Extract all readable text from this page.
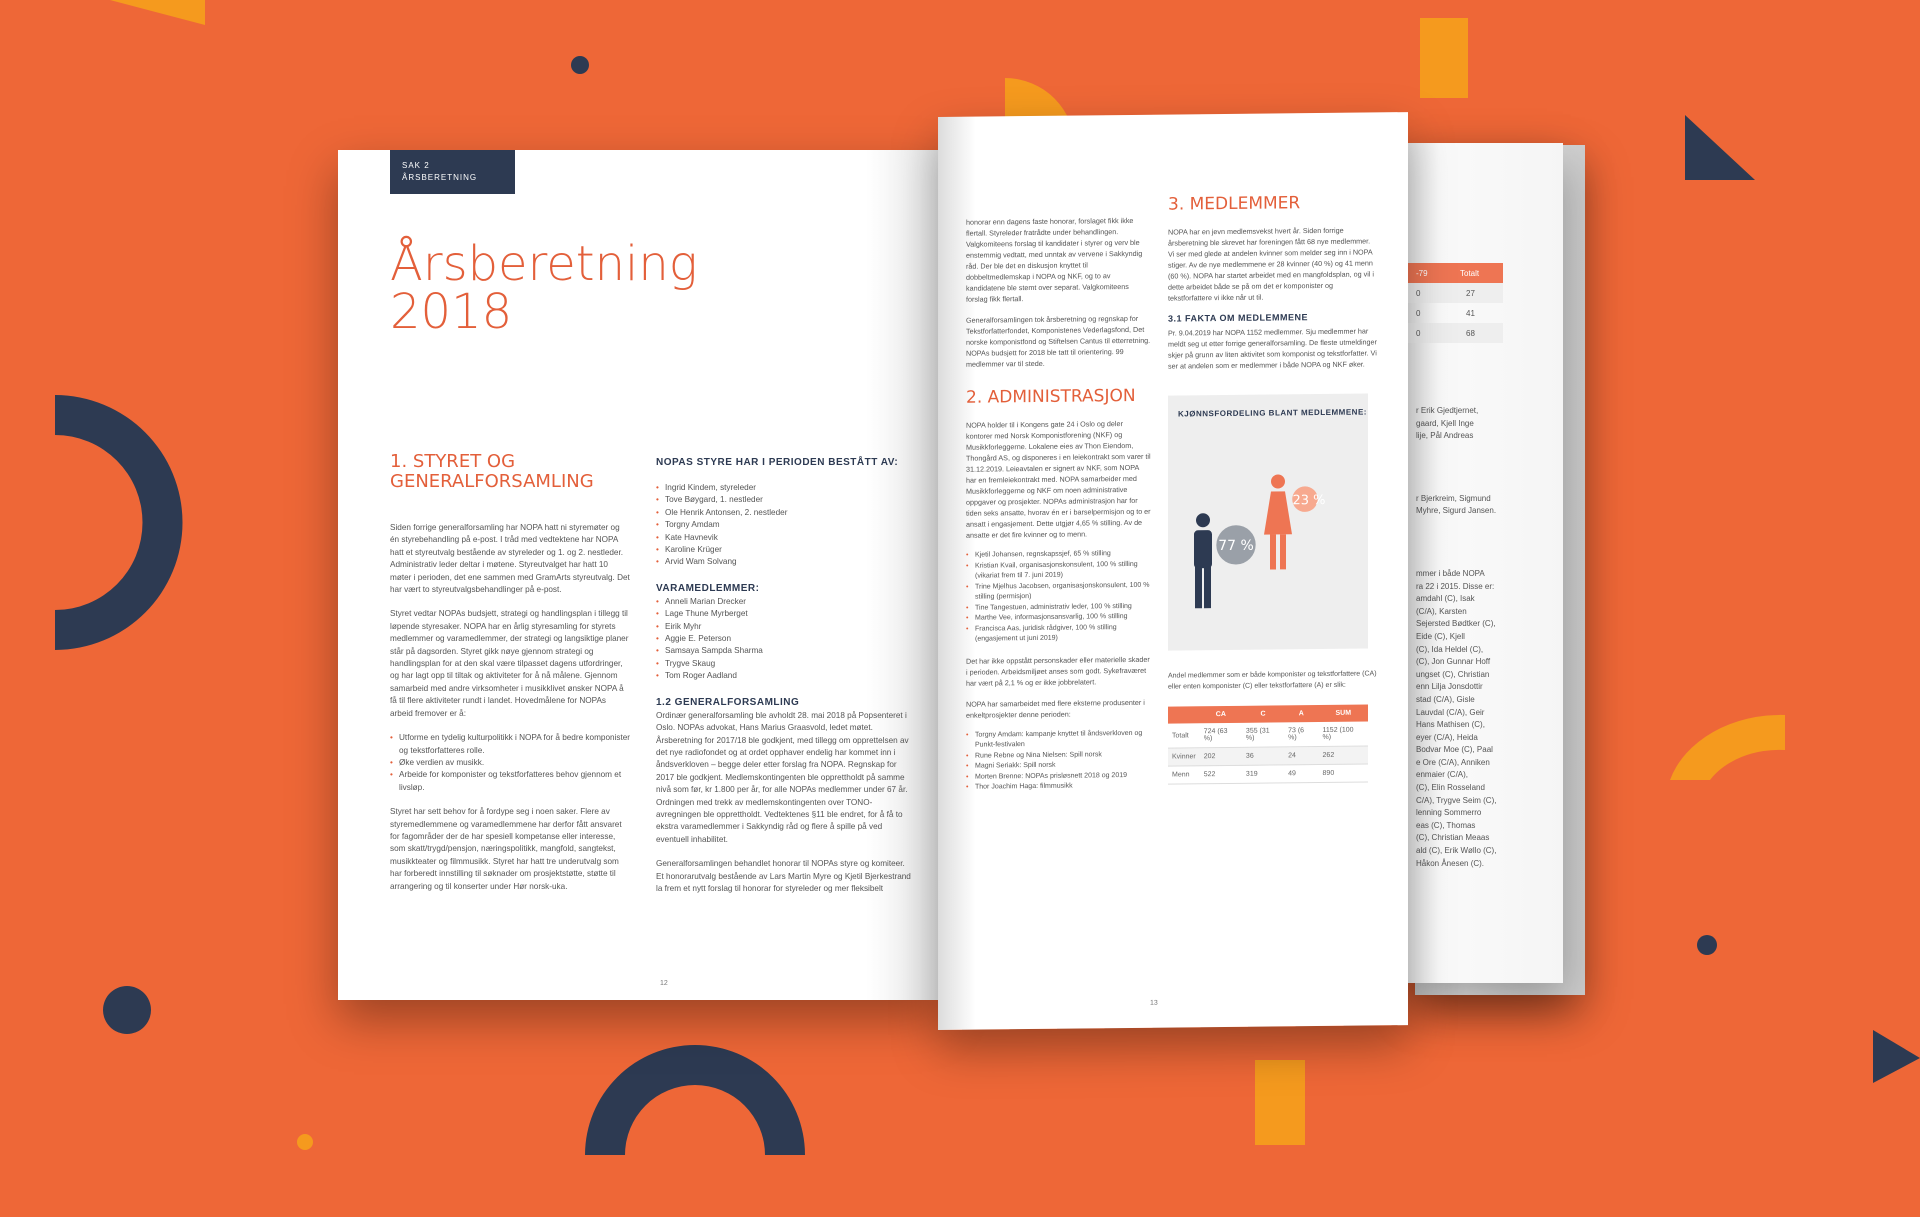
-79	Totalt
0	27
0	41
0	68
r Erik Gjedtjernet,
gaard, Kjell Inge
lije, Pål Andreas
r Bjerkreim, Sigmund
Myhre, Sigurd Jansen.
mmer i både NOPA
ra 22 i 2015. Disse er:
amdahl (C), Isak
(C/A), Karsten
Sejersted Bødtker (C),
Eide (C), Kjell
(C), Ida Heldel (C),
(C), Jon Gunnar Hoff
ungset (C), Christian
enn Lilja Jonsdottir
stad (C/A), Gisle
Lauvdal (C/A), Geir
Hans Mathisen (C),
eyer (C/A), Heida
Bodvar Moe (C), Paal
e Ore (C/A), Anniken
enmaier (C/A),
(C), Elin Rosseland
C/A), Trygve Seim (C),
lenning Sommerro
eas (C), Thomas
(C), Christian Meaas
ald (C), Erik Wøllo (C),
Håkon Ånesen (C).
SAK 2
ÅRSBERETNING
Årsberetning
2018
1. STYRET OG
GENERALFORSAMLING

Siden forrige generalforsamling har NOPA hatt ni styremøter og én styrebehandling på e-post. I tråd med vedtektene har NOPA hatt et styreutvalg bestående av styreleder og 1. og 2. nestleder. Administrativ leder deltar i møtene. Styreutvalget har hatt 10 møter i perioden, det ene sammen med GramArts styreutvalg. Det har vært to styreutvalgsbehandlinger på e-post.

Styret vedtar NOPAs budsjett, strategi og handlingsplan i tillegg til løpende styresaker. NOPA har en årlig styresamling for styrets medlemmer og varamedlemmer, der strategi og langsiktige planer står på dagsorden. Styret gikk nøye gjennom strategi og handlingsplan for at den skal være tilpasset dagens utfordringer, og har lagt opp til tiltak og aktiviteter for å nå målene. Gjennom samarbeid med andre virksomheter i musikklivet ønsker NOPA å få til flere aktiviteter rundt i landet. Hovedmålene for NOPAs arbeid fremover er å:

• Utforme en tydelig kulturpolitikk i NOPA for å bedre komponister og tekstforfatteres rolle.
• Øke verdien av musikk.
• Arbeide for komponister og tekstforfatteres behov gjennom et livsløp.

Styret har sett behov for å fordype seg i noen saker. Flere av styremedlemmene og varamedlemmene har derfor fått ansvaret for fagområder der de har spesiell kompetanse eller interesse, som skatt/trygd/pensjon, næringspolitikk, mangfold, sangtekst, musikkteater og filmmusikk. Styret har hatt tre underutvalg som har forberedt innstilling til søknader om prosjektstøtte, støtte til arrangering og til konserter under Hør norsk-uka.

NOPAS STYRE HAR I PERIODEN BESTÅTT AV:
• Ingrid Kindem, styreleder
• Tove Bøygard, 1. nestleder
• Ole Henrik Antonsen, 2. nestleder
• Torgny Amdam
• Kate Havnevik
• Karoline Krüger
• Arvid Wam Solvang
VARAMEDLEMMER:
• Anneli Marian Drecker
• Lage Thune Myrberget
• Eirik Myhr
• Aggie E. Peterson
• Samsaya Sampda Sharma
• Trygve Skaug
• Tom Roger Aadland
1.2 GENERALFORSAMLING

Ordinær generalforsamling ble avholdt 28. mai 2018 på Popsenteret i Oslo. NOPAs advokat, Hans Marius Graasvold, ledet møtet. Årsberetning for 2017/18 ble godkjent, med tillegg om opprettelsen av det nye radiofondet og at ordet opphaver endelig har kommet inn i åndsverkloven – begge deler etter forslag fra NOPA. Regnskap for 2017 ble godkjent. Medlemskontingenten ble opprettholdt på samme nivå som før, kr 1.800 per år, for alle NOPAs medlemmer under 67 år. Ordningen med trekk av medlemskontingenten over TONO-avregningen ble opprettholdt. Vedtektenes §11 ble endret, for å få to ekstra varamedlemmer i Sakkyndig råd og flere å spille på ved eventuell inhabilitet.

Generalforsamlingen behandlet honorar til NOPAs styre og komiteer. Et honorarutvalg bestående av Lars Martin Myre og Kjetil Bjerkestrand la frem et nytt forslag til honorar for styreleder og mer fleksibelt

12

honorar enn dagens faste honorar, forslaget fikk ikke flertall. Styreleder fratrådte under behandlingen. Valgkomiteens forslag til kandidater i styrer og verv ble enstemmig vedtatt, med unntak av vervene i Sakkyndig råd. Der ble det en diskusjon knyttet til dobbeltmedlemskap i NOPA og NKF, og to av kandidatene ble stemt over separat. Valgkomiteens forslag fikk flertall.

Generalforsamlingen tok årsberetning og regnskap for Tekstforfatterfondet, Komponistenes Vederlagsfond, Det norske komponistfond og Stiftelsen Cantus til etterretning. NOPAs budsjett for 2018 ble tatt til orientering. 99 medlemmer var til stede.

2. ADMINISTRASJON

NOPA holder til i Kongens gate 24 i Oslo og deler kontorer med Norsk Komponistforening (NKF) og Musikkforleggerne. Lokalene eies av Thon Eiendom, Thongård AS, og disponeres i en leiekontrakt som varer til 31.12.2019. Leieavtalen er signert av NKF, som NOPA har en fremleiekontrakt med. NOPA samarbeider med Musikkforleggerne og NKF om noen administrative oppgaver og prosjekter. NOPAs administrasjon har for tiden seks ansatte, hvorav én er i barselpermisjon og to er ansatt i engasjement. Dette utgjør 4,65 % stilling. Av de ansatte er det fire kvinner og to menn.

• Kjetil Johansen, regnskapssjef, 65 % stilling
• Kristian Kvail, organisasjonskonsulent, 100 % stilling (vikariat frem til 7. juni 2019)
• Trine Mjelhus Jacobsen, organisasjonskonsulent, 100 % stilling (permisjon)
• Tine Tangestuen, administrativ leder, 100 % stilling
• Marthe Vee, informasjonsansvarlig, 100 % stilling
• Francisca Aas, juridisk rådgiver, 100 % stilling (engasjement ut juni 2019)

Det har ikke oppstått personskader eller materielle skader i perioden. Arbeidsmiljøet anses som godt. Sykefraværet har vært på 2,1 % og er ikke jobbrelatert.

NOPA har samarbeidet med flere eksterne produsenter i enkeltprosjekter denne perioden:

• Torgny Amdam: kampanje knyttet til åndsverkloven og Punkt-festivalen
• Rune Rebne og Nina Nielsen: Spill norsk
• Magni Seriakk: Spill norsk
• Morten Brenne: NOPAs prisløsnett 2018 og 2019
• Thor Joachim Haga: filmmusikk
3. MEDLEMMER

NOPA har en jevn medlemsvekst hvert år. Siden forrige årsberetning ble skrevet har foreningen fått 68 nye medlemmer. Vi ser med glede at andelen kvinner som melder seg inn i NOPA stiger. Av de nye medlemmene er 28 kvinner (40 %) og 41 menn (60 %). NOPA har startet arbeidet med en mangfoldsplan, og vil i dette arbeidet både se på om det er komponister og tekstforfattere vi ikke når ut til.

3.1 FAKTA OM MEDLEMMENE

Pr. 9.04.2019 har NOPA 1152 medlemmer. Sju medlemmer har meldt seg ut etter forrige generalforsamling. De fleste utmeldinger skjer på grunn av liten aktivitet som komponist og tekstforfatter. Vi ser at andelen som er medlemmer i både NOPA og NKF øker.

KJØNNSFORDELING BLANT MEDLEMMENE:
77 %
23 %

Andel medlemmer som er både komponister og tekstforfattere (CA) eller enten komponister (C) eller tekstforfattere (A) er slik:

	CA	C	A	SUM
Totalt	724 (63 %)	355 (31 %)	73 (6 %)	1152 (100 %)
Kvinner	202	36	24	262
Menn	522	319	49	890
13
